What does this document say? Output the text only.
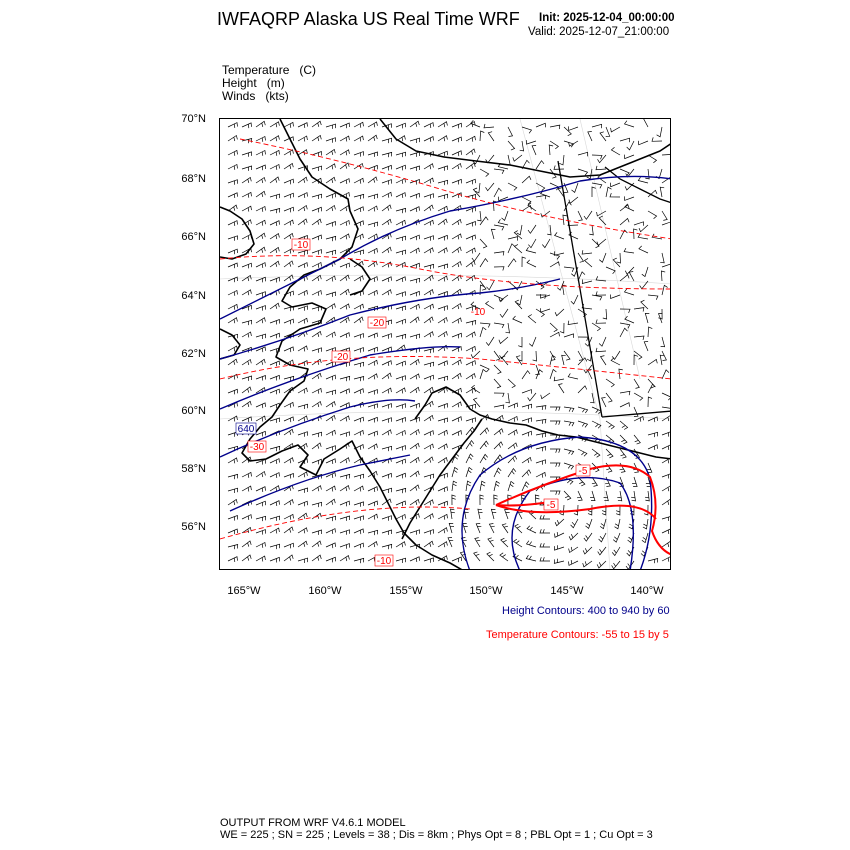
IWFAQRP Alaska US Real Time WRF Init: 2025-12-04_00:00:00
Valid: 2025-12-07_21:00:00
Temperature (C)
Height (m)
Winds (kts)
70°N
68°N
66°N
64°N
62°N
60°N
58°N
56°N
165°W	160°W	155°W	150°W	145°W	140°W
-10
-20
-20
-30
-10
-5
-5
-10
640
Height Contours: 400 to 940 by 60
Temperature Contours: -55 to 15 by 5
OUTPUT FROM WRF V4.6.1 MODEL
WE = 225 ; SN = 225 ; Levels = 38 ; Dis = 8km ; Phys Opt = 8 ; PBL Opt = 1 ; Cu Opt = 3
